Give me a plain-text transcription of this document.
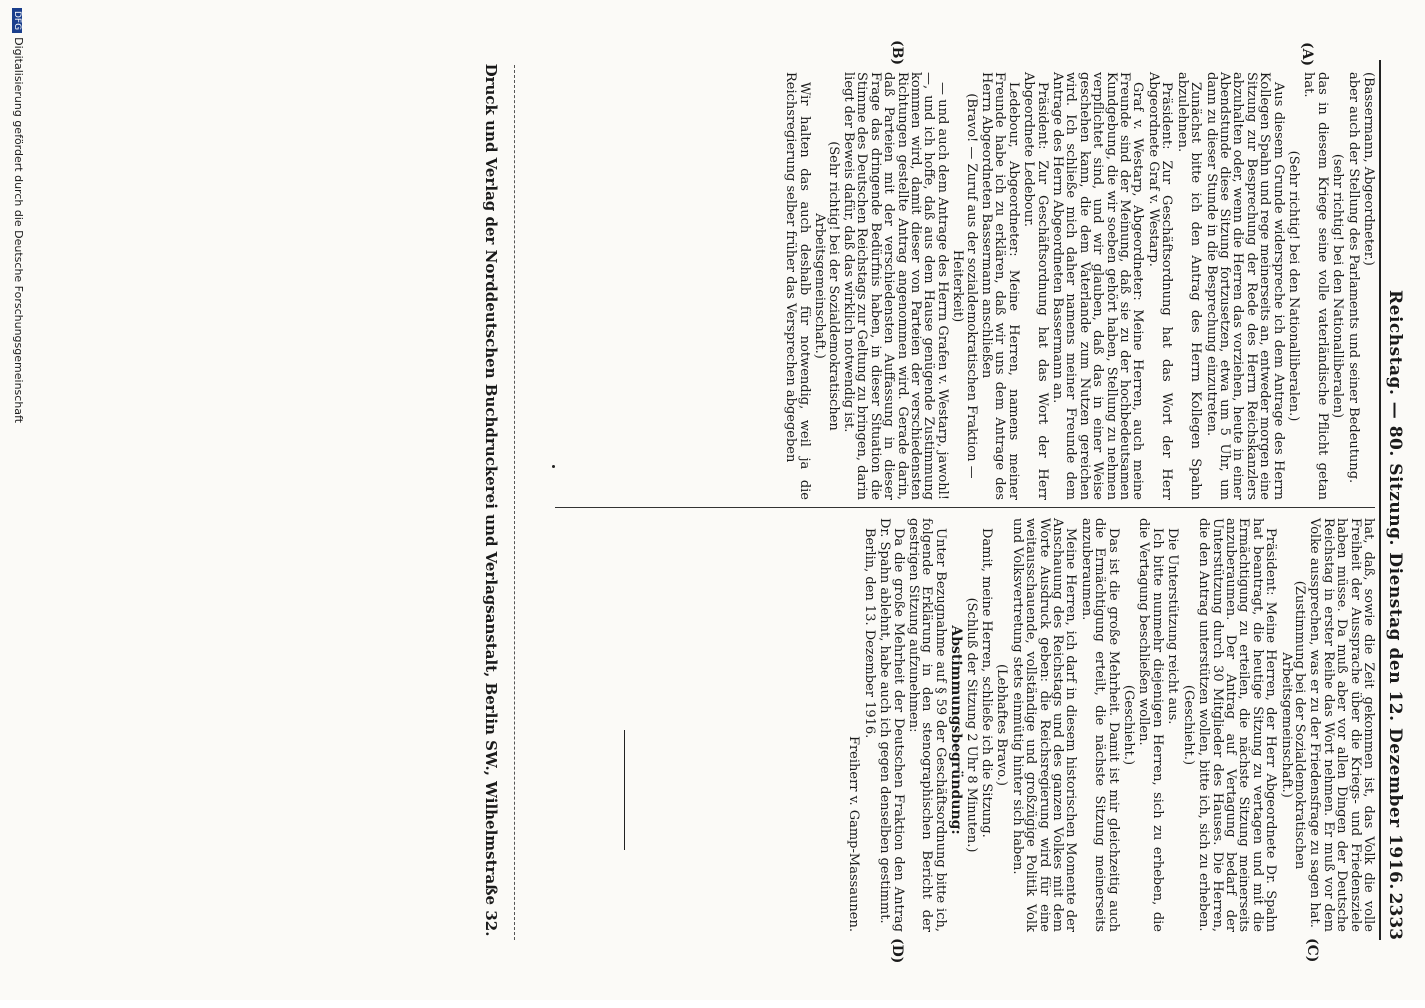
Reichstag. — 80. Sitzung. Dienstag den 12. Dezember 1916.
2333
(A)
(B)
(C)
(D)

(Bassermann, Abgeordneter.)

aber auch der Stellung des Parlaments und seiner Bedeutung.

(sehr richtig! bei den Nationalliberalen)

das in diesem Kriege seine volle vaterländische Pflicht getan hat.

(Sehr richtig! bei den Nationalliberalen.)

Aus diesem Grunde widerspreche ich dem Antrage des Herrn Kollegen Spahn und rege meinerseits an, entweder morgen eine Sitzung zur Besprechung der Rede des Herrn Reichskanzlers abzuhalten oder, wenn die Herren das vorziehen, heute in einer Abendstunde diese Sitzung fortzusetzen, etwa um 5 Uhr, um dann zu dieser Stunde in die Besprechung einzutreten.

Zunächst bitte ich den Antrag des Herrn Kollegen Spahn abzulehnen.

Präsident: Zur Geschäftsordnung hat das Wort der Herr Abgeordnete Graf v. Westarp.

Graf v. Westarp, Abgeordneter: Meine Herren, auch meine Freunde sind der Meinung, daß sie zu der hochbedeutsamen Kundgebung, die wir soeben gehört haben, Stellung zu nehmen verpflichtet sind, und wir glauben, daß das in einer Weise geschehen kann, die dem Vaterlande zum Nutzen gereichen wird. Ich schließe mich daher namens meiner Freunde dem Antrage des Herrn Abgeordneten Bassermann an.

Präsident: Zur Geschäftsordnung hat das Wort der Herr Abgeordnete Ledebour.

Ledebour, Abgeordneter: Meine Herren, namens meiner Freunde habe ich zu erklären, daß wir uns dem Antrage des Herrn Abgeordneten Bassermann anschließen

(Bravo! — Zuruf aus der sozialdemokratischen Fraktion — Heiterkeit)

— und auch dem Antrage des Herrn Grafen v. Westarp, jawohl! —, und ich hoffe, daß aus dem Hause genügende Zustimmung kommen wird, damit dieser von Parteien der verschiedensten Richtungen gestellte Antrag angenommen wird. Gerade darin, daß Parteien mit der verschiedensten Auffassung in dieser Frage das dringende Bedürfnis haben, in dieser Situation die Stimme des Deutschen Reichstags zur Geltung zu bringen, darin liegt der Beweis dafür, daß das wirklich notwendig ist.

(Sehr richtig! bei der Sozialdemokratischen Arbeitsgemeinschaft.)

Wir halten das auch deshalb für notwendig, weil ja die Reichsregierung selber früher das Versprechen abgegeben

hat, daß, sowie die Zeit gekommen ist, das Volk die volle Freiheit der Aussprache über die Kriegs- und Friedensziele haben müsse. Da muß aber vor allen Dingen der Deutsche Reichstag in erster Reihe das Wort nehmen. Er muß vor dem Volke aussprechen, was er zu der Friedensfrage zu sagen hat.

(Zustimmung bei der Sozialdemokratischen Arbeitsgemeinschaft.)

Präsident: Meine Herren, der Herr Abgeordnete Dr. Spahn hat beantragt, die heutige Sitzung zu vertagen und mit die Ermächtigung zu erteilen, die nächste Sitzung meinerseits anzuberaumen. Der Antrag auf Vertagung bedarf der Unterstützung durch 30 Mitglieder des Hauses. Die Herren, die den Antrag unterstützen wollen, bitte ich, sich zu erheben.

(Geschieht.)

Die Unterstützung reicht aus.

Ich bitte nunmehr diejenigen Herren, sich zu erheben, die die Vertagung beschließen wollen.

(Geschieht.)

Das ist die große Mehrheit. Damit ist mir gleichzeitig auch die Ermächtigung erteilt, die nächste Sitzung meinerseits anzuberaumen.

Meine Herren, ich darf in diesem historischen Momente der Anschauung des Reichstags und des ganzen Volkes mit dem Worte Ausdruck geben: die Reichsregierung wird für eine weitausschauende, vollständige und großzügige Politik Volk und Volksvertretung stets einmütig hinter sich haben.

(Lebhaftes Bravo.)

Damit, meine Herren, schließe ich die Sitzung.

(Schluß der Sitzung 2 Uhr 8 Minuten.)

Abstimmungsbegründung:

Unter Bezugnahme auf § 59 der Geschäftsordnung bitte ich, folgende Erklärung in den stenographischen Bericht der gestrigen Sitzung aufzunehmen:

Da die große Mehrheit der Deutschen Fraktion den Antrag Dr. Spahn ablehnt, habe auch ich gegen denselben gestimmt.

Berlin, den 13. Dezember 1916.

Freiherr v. Gamp-Massaunen.

Druck und Verlag der Norddeutschen Buchdruckerei und Verlagsanstalt, Berlin SW., Wilhelmstraße 32.
DFGDigitalisierung gefördert durch die Deutsche Forschungsgemeinschaft
